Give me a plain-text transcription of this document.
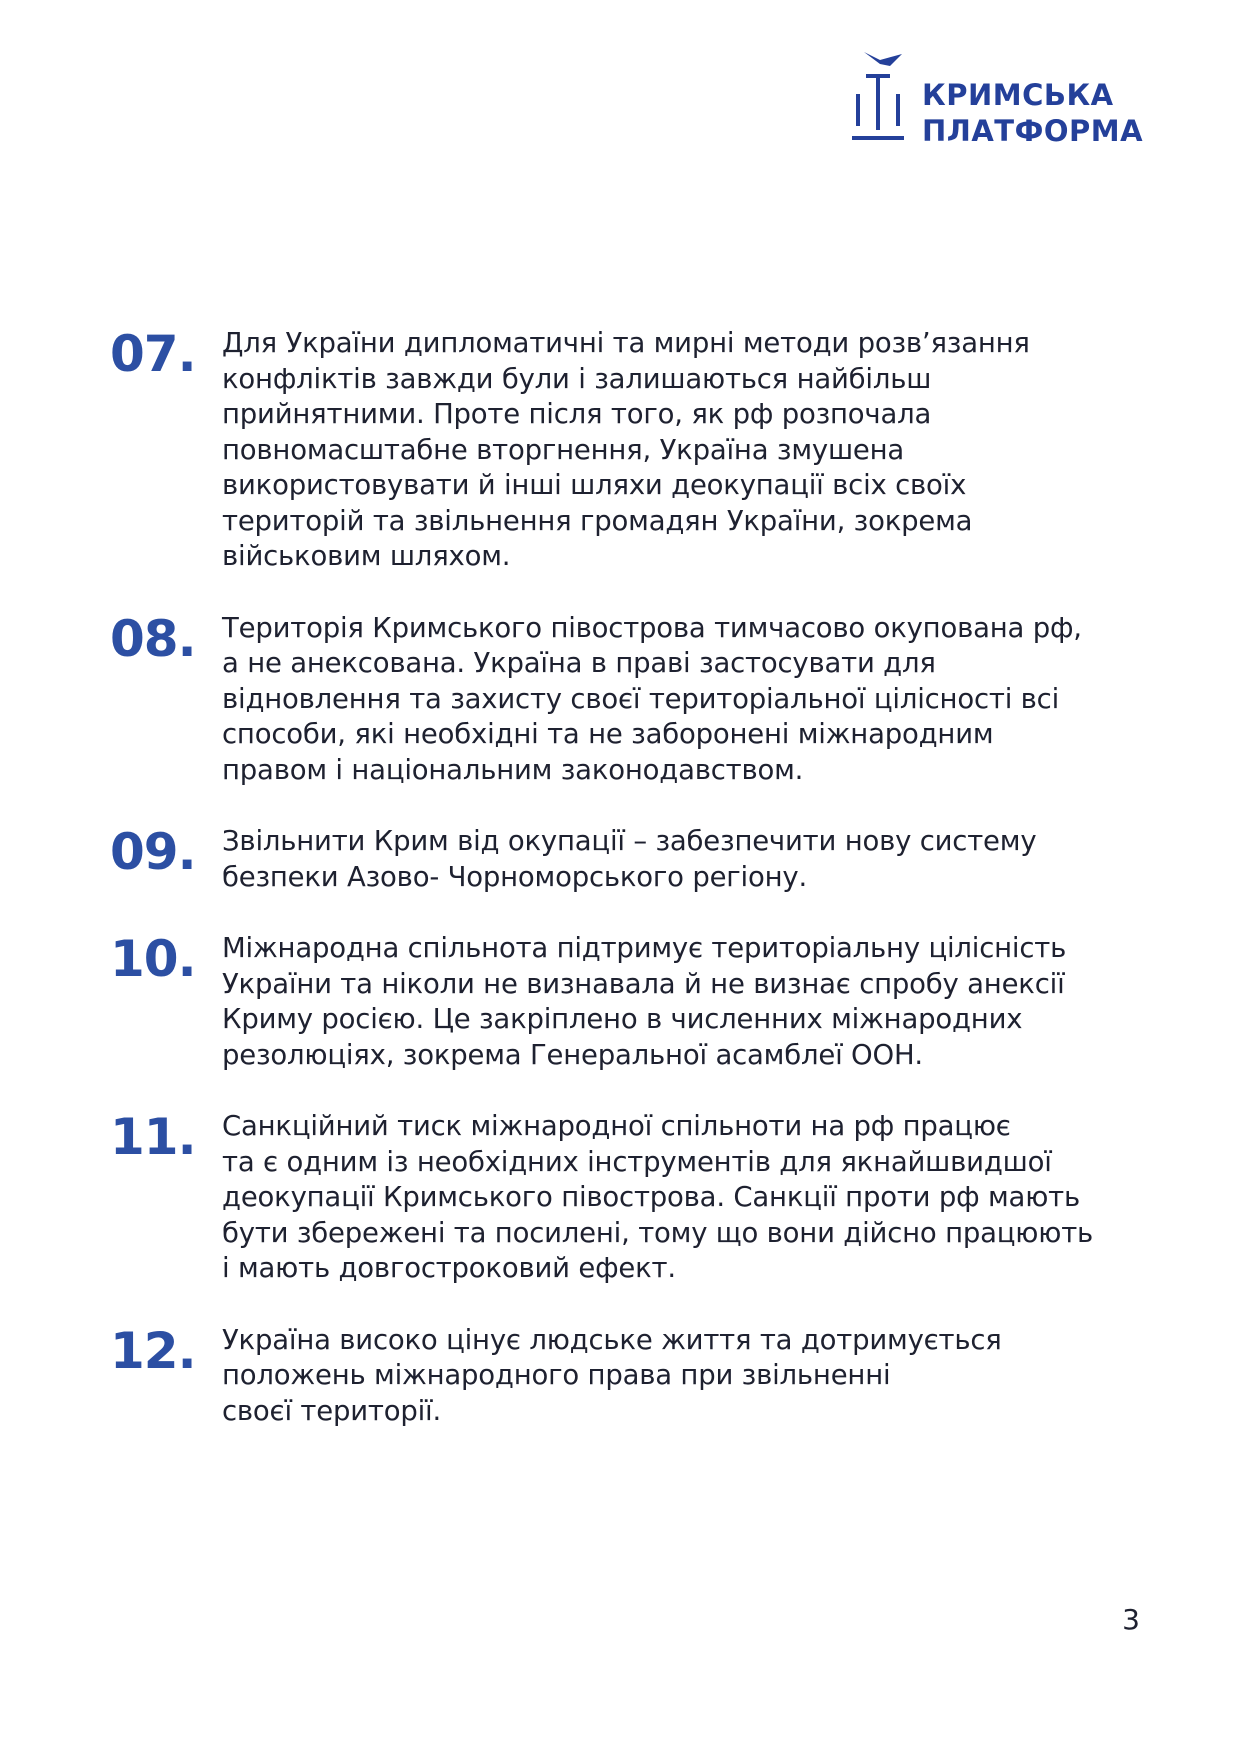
КРИМСЬКА
ПЛАТФОРМА
07. Для України дипломатичні та мирні методи розв’язання
конфліктів завжди були і залишаються найбільш
прийнятними. Проте після того, як рф розпочала
повномасштабне вторгнення, Україна змушена
використовувати й інші шляхи деокупації всіх своїх
територій та звільнення громадян України, зокрема
військовим шляхом.
08. Територія Кримського півострова тимчасово окупована рф,
а не анексована. Україна в праві застосувати для
відновлення та захисту своєї територіальної цілісності всі
способи, які необхідні та не заборонені міжнародним
правом і національним законодавством.
09. Звільнити Крим від окупації – забезпечити нову систему
безпеки Азово- Чорноморського регіону.
10. Міжнародна спільнота підтримує територіальну цілісність
України та ніколи не визнавала й не визнає спробу анексії
Криму росією. Це закріплено в численних міжнародних
резолюціях, зокрема Генеральної асамблеї ООН.
11. Санкційний тиск міжнародної спільноти на рф працює
та є одним із необхідних інструментів для якнайшвидшої
деокупації Кримського півострова. Санкції проти рф мають
бути збережені та посилені, тому що вони дійсно працюють
і мають довгостроковий ефект.
12. Україна високо цінує людське життя та дотримується
положень міжнародного права при звільненні
своєї території.
3
